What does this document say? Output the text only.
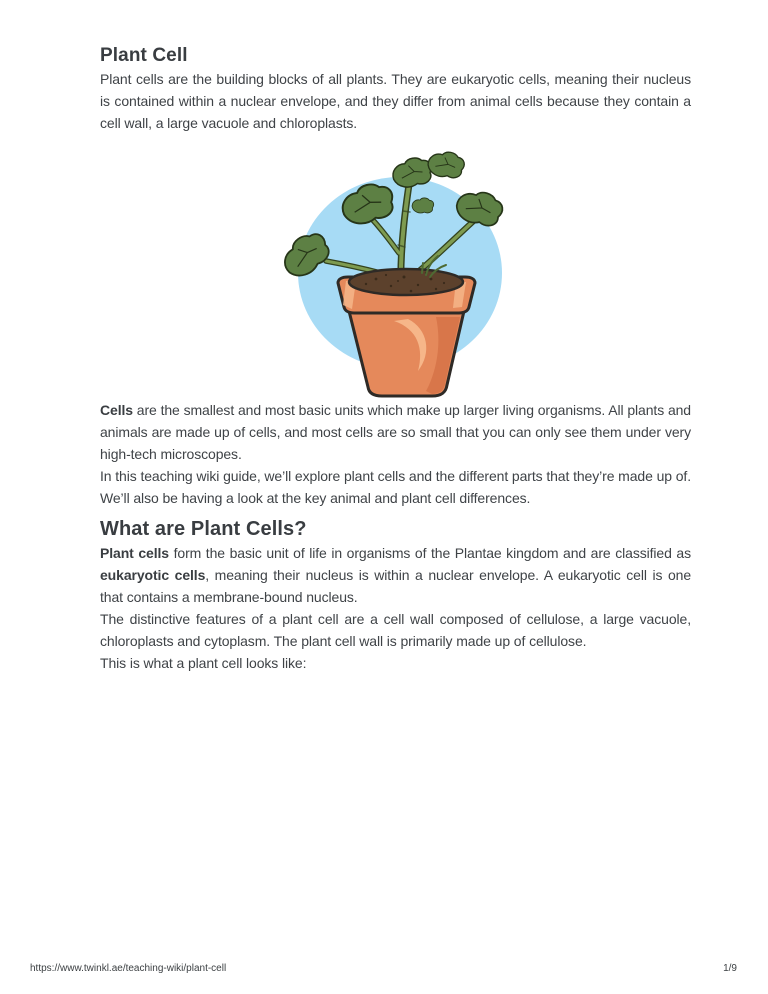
Plant Cell

Plant cells are the building blocks of all plants. They are eukaryotic cells, meaning their nucleus is contained within a nuclear envelope, and they differ from animal cells because they contain a cell wall, a large vacuole and chloroplasts.

Cells are the smallest and most basic units which make up larger living organisms. All plants and animals are made up of cells, and most cells are so small that you can only see them under very high-tech microscopes.

In this teaching wiki guide, we’ll explore plant cells and the different parts that they’re made up of. We’ll also be having a look at the key animal and plant cell differences.

What are Plant Cells?

Plant cells form the basic unit of life in organisms of the Plantae kingdom and are classified as eukaryotic cells, meaning their nucleus is within a nuclear envelope. A eukaryotic cell is one that contains a membrane-bound nucleus.

The distinctive features of a plant cell are a cell wall composed of cellulose, a large vacuole, chloroplasts and cytoplasm. The plant cell wall is primarily made up of cellulose.

This is what a plant cell looks like:

https://www.twinkl.ae/teaching-wiki/plant-cell	1/9
